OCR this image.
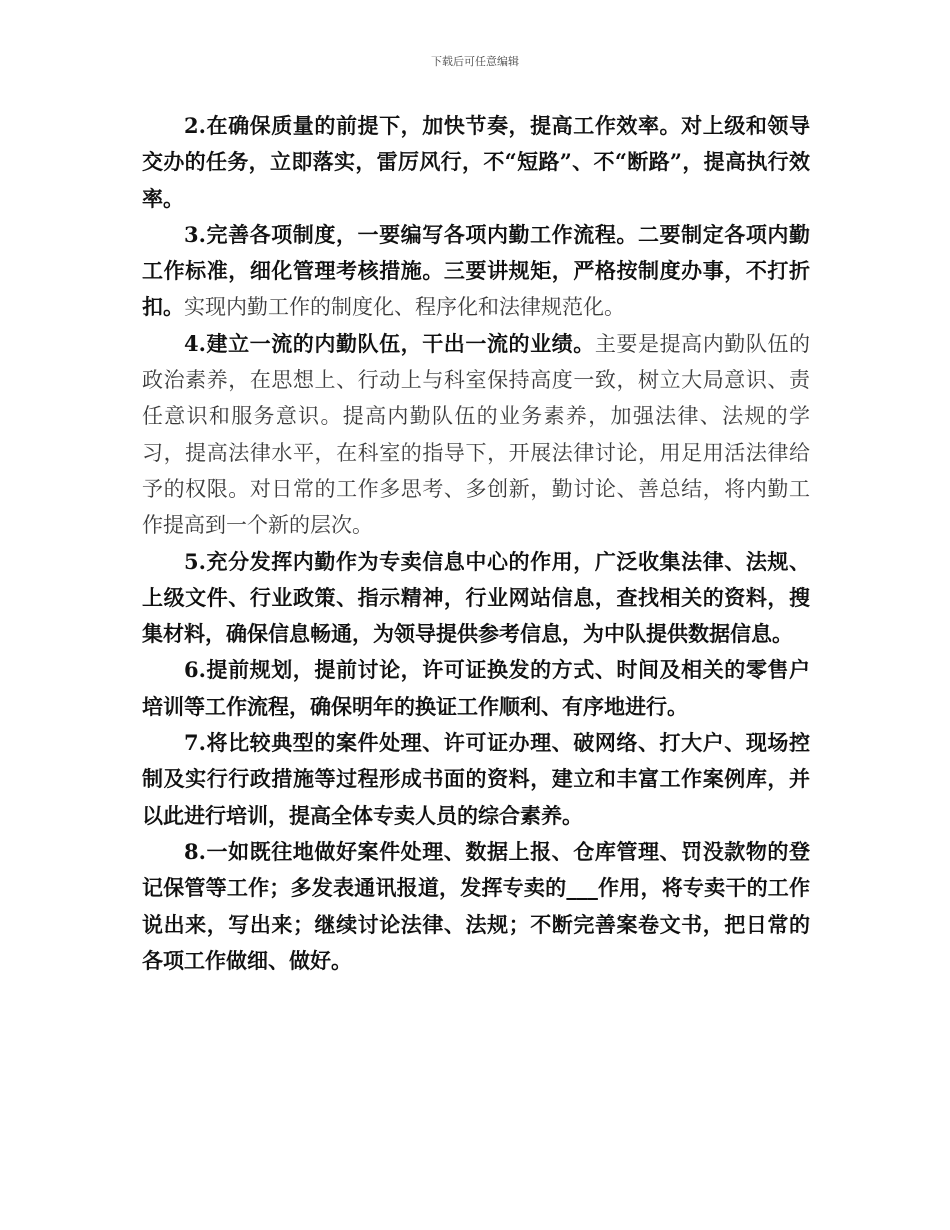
下载后可任意编辑

2.在确保质量的前提下，加快节奏，提高工作效率。对上级和领导交办的任务，立即落实，雷厉风行，不“短路”、不“断路”，提高执行效率。

3.完善各项制度，一要编写各项内勤工作流程。二要制定各项内勤工作标准，细化管理考核措施。三要讲规矩，严格按制度办事，不打折扣。实现内勤工作的制度化、程序化和法律规范化。

4.建立一流的内勤队伍，干出一流的业绩。主要是提高内勤队伍的政治素养，在思想上、行动上与科室保持高度一致，树立大局意识、责任意识和服务意识。提高内勤队伍的业务素养，加强法律、法规的学习，提高法律水平，在科室的指导下，开展法律讨论，用足用活法律给予的权限。对日常的工作多思考、多创新，勤讨论、善总结，将内勤工作提高到一个新的层次。

5.充分发挥内勤作为专卖信息中心的作用，广泛收集法律、法规、上级文件、行业政策、指示精神，行业网站信息，查找相关的资料，搜集材料，确保信息畅通，为领导提供参考信息，为中队提供数据信息。

6.提前规划，提前讨论，许可证换发的方式、时间及相关的零售户培训等工作流程，确保明年的换证工作顺利、有序地进行。

7.将比较典型的案件处理、许可证办理、破网络、打大户、现场控制及实行行政措施等过程形成书面的资料，建立和丰富工作案例库，并以此进行培训，提高全体专卖人员的综合素养。

8.一如既往地做好案件处理、数据上报、仓库管理、罚没款物的登记保管等工作；多发表通讯报道，发挥专卖的___作用，将专卖干的工作说出来，写出来；继续讨论法律、法规；不断完善案卷文书，把日常的各项工作做细、做好。
